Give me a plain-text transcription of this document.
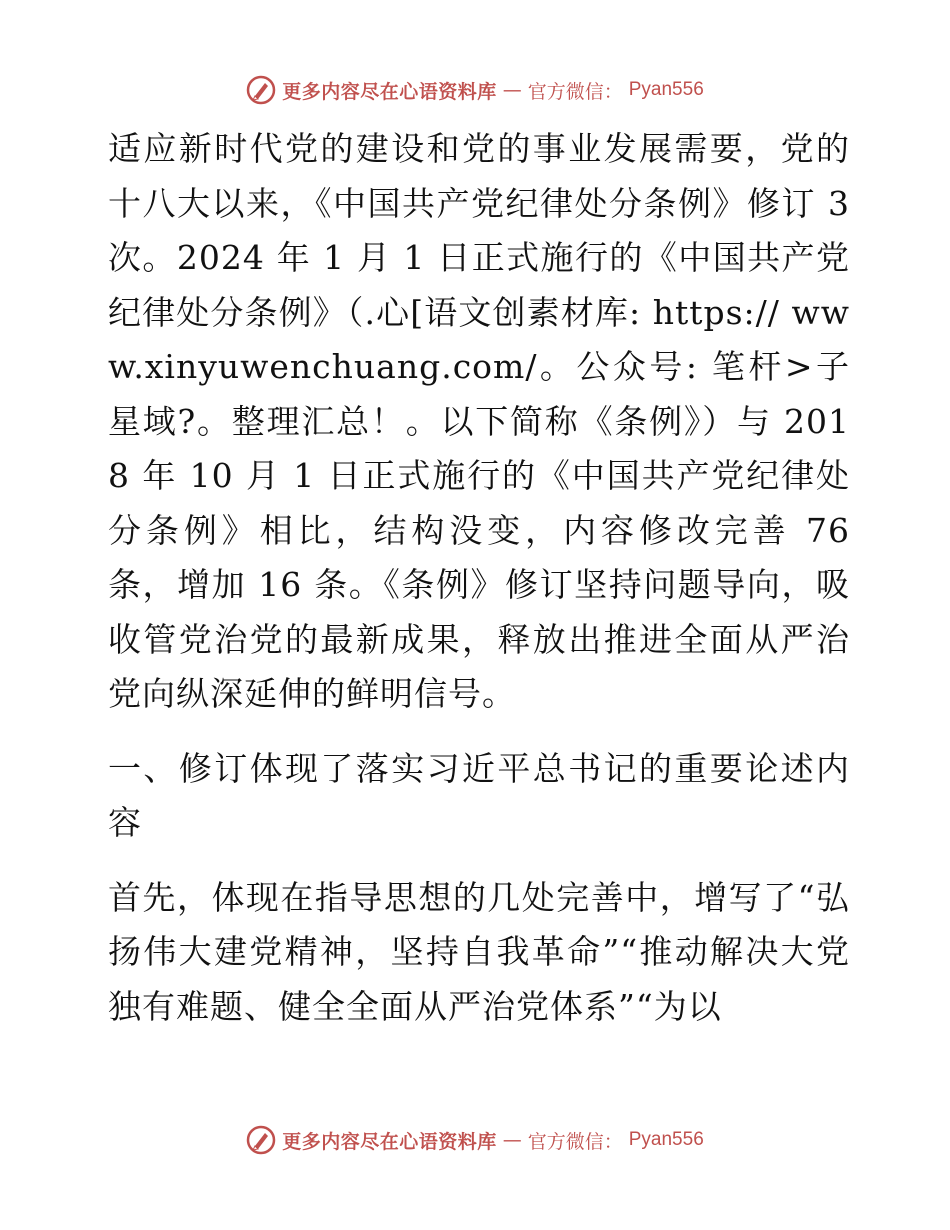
更多内容尽在心语资料库 — 官方微信： Pyan556

适应新时代党的建设和党的事业发展需要，党的十八大以来，《中国共产党纪律处分条例》修订 3 次。2024 年 1 月 1 日正式施行的《中国共产党纪律处分条例》（.心[语文创素材库: https:// www.xinyuwenchuang.com/。公众号: 笔杆>子星域?。整理汇总！。以下简称《条例》）与 2018 年 10 月 1 日正式施行的《中国共产党纪律处分条例》相比，结构没变，内容修改完善 76 条，增加 16 条。《条例》修订坚持问题导向，吸收管党治党的最新成果，释放出推进全面从严治党向纵深延伸的鲜明信号。

一、修订体现了落实习近平总书记的重要论述内容

首先，体现在指导思想的几处完善中，增写了“弘扬伟大建党精神，坚持自我革命”“推动解决大党独有难题、健全全面从严治党体系”“为以

更多内容尽在心语资料库 — 官方微信： Pyan556
